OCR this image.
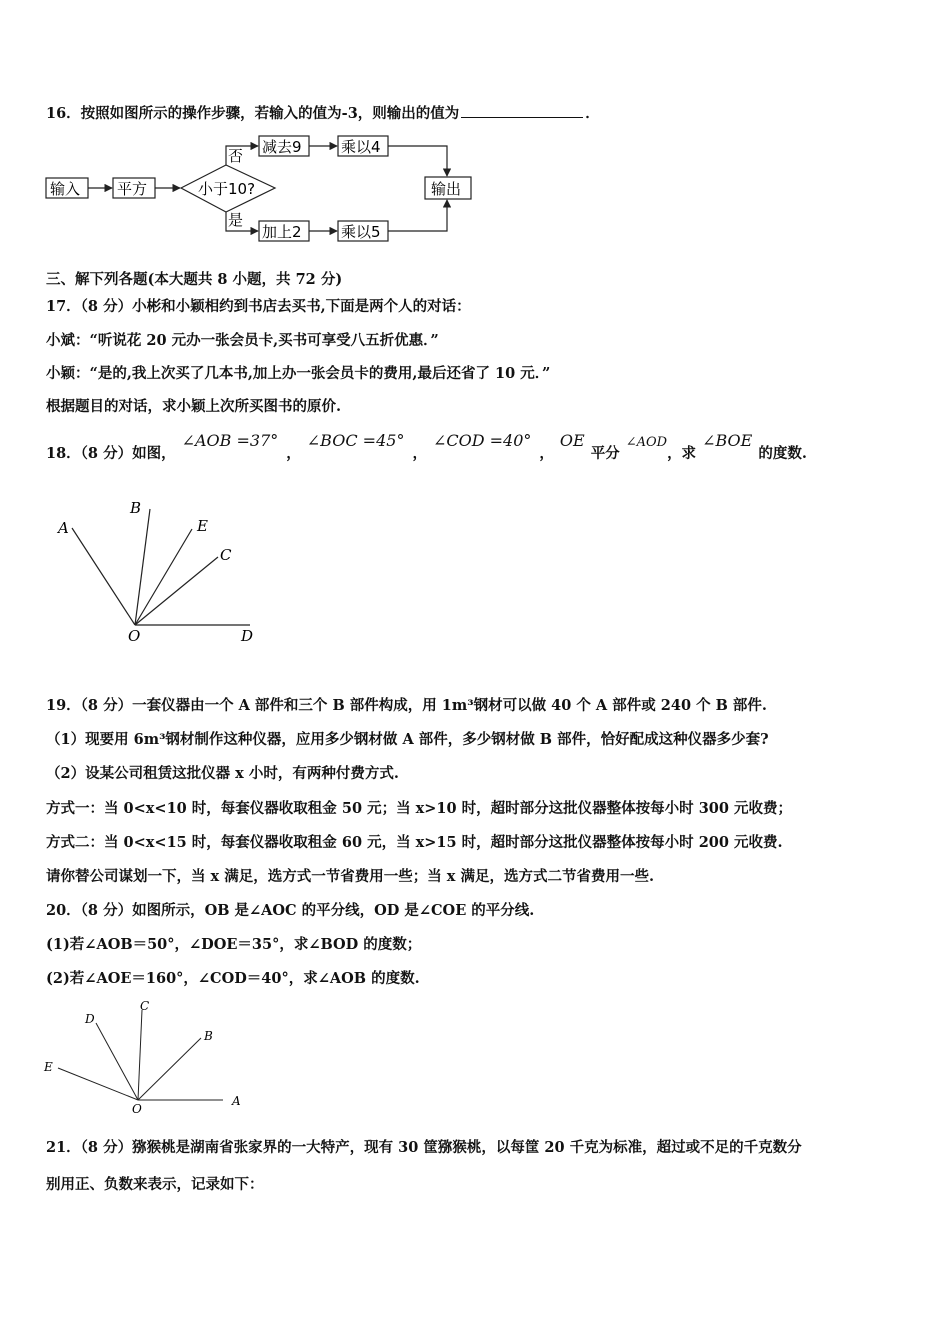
16．按照如图所示的操作步骤，若输入的值为-3，则输出的值为	．
输入 平方	小于10?
否 减去9	乘以4
是
加上2	乘以5
输出
三、解下列各题(本大题共 8 小题，共 72 分)
17．（8 分）小彬和小颖相约到书店去买书,下面是两个人的对话：
小斌：“听说花 20 元办一张会员卡,买书可享受八五折优惠．”
小颖：“是的,我上次买了几本书,加上办一张会员卡的费用,最后还省了 10 元．”
根据题目的对话，求小颖上次所买图书的原价.
18．（8 分）如图，∠AOB =37°，∠BOC =45°，∠COD =40°，OE平分∠AOD，求∠BOE的度数.
A
B
E
C
O	D
19．（8 分）一套仪器由一个 A 部件和三个 B 部件构成，用 1m³钢材可以做 40 个 A 部件或 240 个 B 部件.
（1）现要用 6m³钢材制作这种仪器，应用多少钢材做 A 部件，多少钢材做 B 部件，恰好配成这种仪器多少套?
（2）设某公司租赁这批仪器 x 小时，有两种付费方式.
方式一：当 0<x<10 时，每套仪器收取租金 50 元；当 x>10 时，超时部分这批仪器整体按每小时 300 元收费；
方式二：当 0<x<15 时，每套仪器收取租金 60 元，当 x>15 时，超时部分这批仪器整体按每小时 200 元收费.
请你替公司谋划一下，当 x 满足，选方式一节省费用一些；当 x 满足，选方式二节省费用一些.
20．（8 分）如图所示，OB 是∠AOC 的平分线，OD 是∠COE 的平分线.
(1)若∠AOB＝50°，∠DOE＝35°，求∠BOD 的度数；
(2)若∠AOE＝160°，∠COD＝40°，求∠AOB 的度数.
D
C
B
E
O
A
21．（8 分）猕猴桃是湖南省张家界的一大特产，现有 30 筐猕猴桃，以每筐 20 千克为标准，超过或不足的千克数分
别用正、负数来表示，记录如下：
